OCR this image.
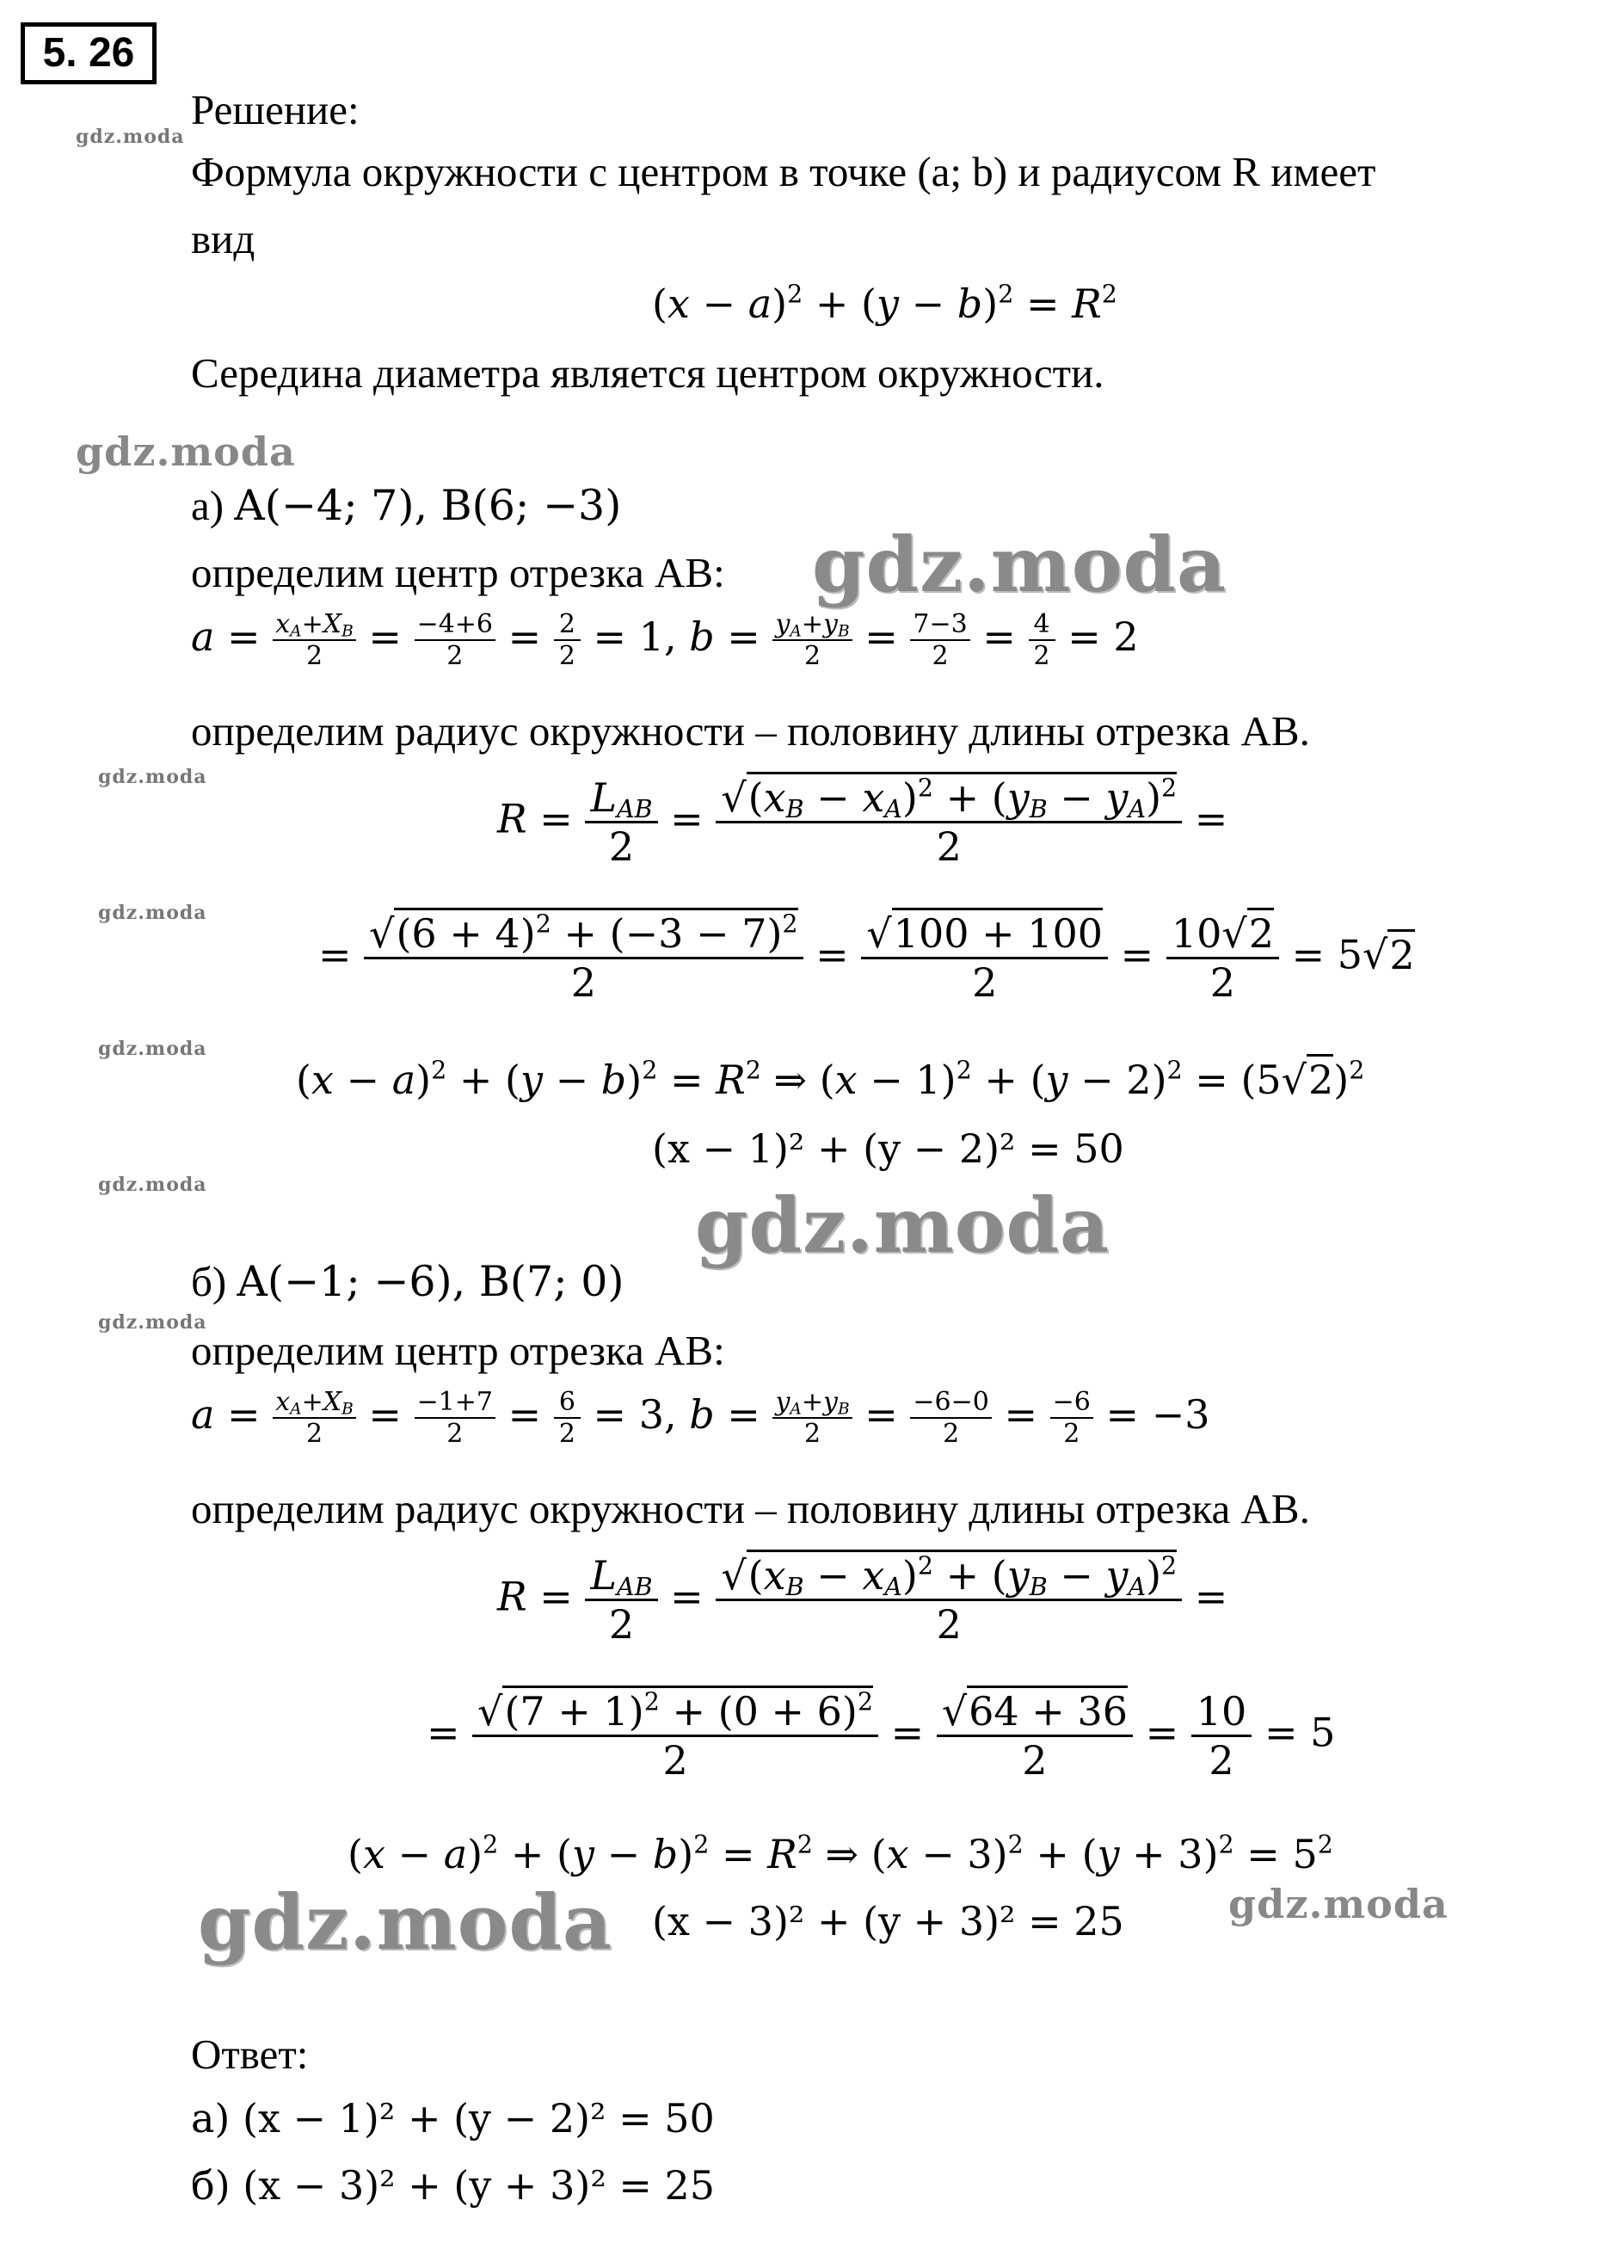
5. 26
Решение:
Формула окружности с центром в точке (a; b) и радиусом R имеет
вид
$(x - a)^2 + (y - b)^2 = R^2$
Середина диаметра является центром окружности.
а) A(−4; 7), B(6; −3)
определим центр отрезка AB:
$a = \frac{x_A+X_B}{2} = \frac{-4+6}{2} = \frac{2}{2} = 1$, $b = \frac{y_A+y_B}{2} = \frac{7-3}{2} = \frac{4}{2} = 2$
определим радиус окружности – половину длины отрезка AB.
$R = \frac{L_{AB}}{2} = \frac{√(x_B - x_A)^2 + (y_B - y_A)^2}{2}$ =
= $\frac{√(6 + 4)^2 + (-3 - 7)^2}{2} = \frac{√100 + 100}{2} = \frac{10√2}{2} = 5√2$
$(x - a)^2 + (y - b)^2 = R^2$ ⇒ $(x - 1)^2 + (y - 2)^2 = (5√2)^2$
(x − 1)² + (y − 2)² = 50
б) A(−1; −6), B(7; 0)
определим центр отрезка AB:
$a = \frac{x_A+X_B}{2} = \frac{-1+7}{2} = \frac{6}{2} = 3$, $b = \frac{y_A+y_B}{2} = \frac{-6-0}{2} = \frac{-6}{2} = -3$
определим радиус окружности – половину длины отрезка AB.
$R = \frac{L_{AB}}{2} = \frac{√(x_B - x_A)^2 + (y_B - y_A)^2}{2}$ =
= $\frac{√(7 + 1)^2 + (0 + 6)^2}{2} = \frac{√64 + 36}{2} = \frac{10}{2} = 5$
$(x - a)^2 + (y - b)^2 = R^2$ ⇒ $(x - 3)^2 + (y + 3)^2 = 5^2$
(x − 3)² + (y + 3)² = 25
Ответ:
а) (x − 1)² + (y − 2)² = 50
б) (x − 3)² + (y + 3)² = 25
gdz.moda
gdz.moda
gdz.moda
gdz.moda
gdz.moda
gdz.moda
gdz.moda	gdz.moda
gdz.moda
gdz.moda	gdz.moda
